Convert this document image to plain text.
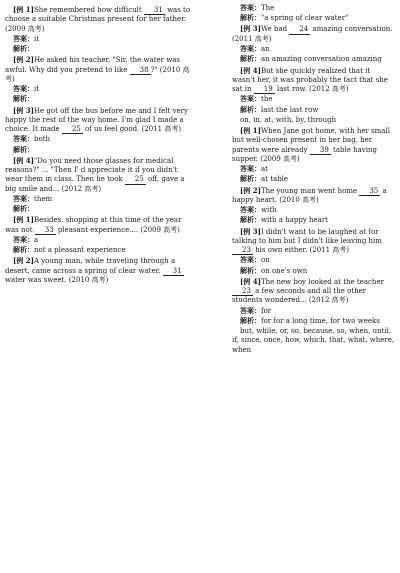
[例 1]She remembered how difficult 31 was to choose a suitable Christmas present for her father. (2009 高考)

答案：it

解析：

[例 2]He asked his teacher, "Sir, the water was awful. Why did you pretend to like 38 ?" (2010 高考)

答案：it

解析：

[例 3]He got off the bus before me and I felt very happy the rest of the way home. I'm glad I made a choice. It made 25 of us feel good. (2011 高考)

答案：both

解析：

[例 4]"Do you need those glasses for medical reasons?" ... "Then I' d appreciate it if you didn't wear them in class. Then he took 25 off, gave a big smile and... (2012 高考)

答案：them

解析：

[例 1]Besides, shopping at this time of the year was not 33 pleasant experience.... (2009 高考)

答案：a

解析：not a pleasant experience

[例 2]A young man, while traveling through a desert, came across a spring of clear water. 31 water was sweet. (2010 高考)

答案：The

解析："a spring of clear water"

[例 3]We had 24 amazing conversation. (2011 高考)

答案：an

解析：an amazing conversation amazing

[例 4]But she quickly realized that it wasn't her, it was probably the fact that she sat in 19 last row. (2012 高考)

答案：the

解析：last the last row

on, in, at, with, by, through

[例 1]When Jane got home, with her small but well-chosen present in her bag, her parents were already 39 table having supper. (2009 高考)

答案：at

解析：at table

[例 2]The young man went home 35 a happy heart. (2010 高考)

答案：with

解析：with a happy heart

[例 3]I didn't want to be laughed at for talking to him but I didn't like leaving him 23 his own either. (2011 高考)

答案：on

解析：on one's own

[例 4]The new boy looked at the teacher 23 a few seconds and all the other students wondered... (2012 高考)

答案：for

解析：for for a long time, for two weeks

but, while, or, so, because, so, when, until, if, since, once, how, which, that, what, where, when
